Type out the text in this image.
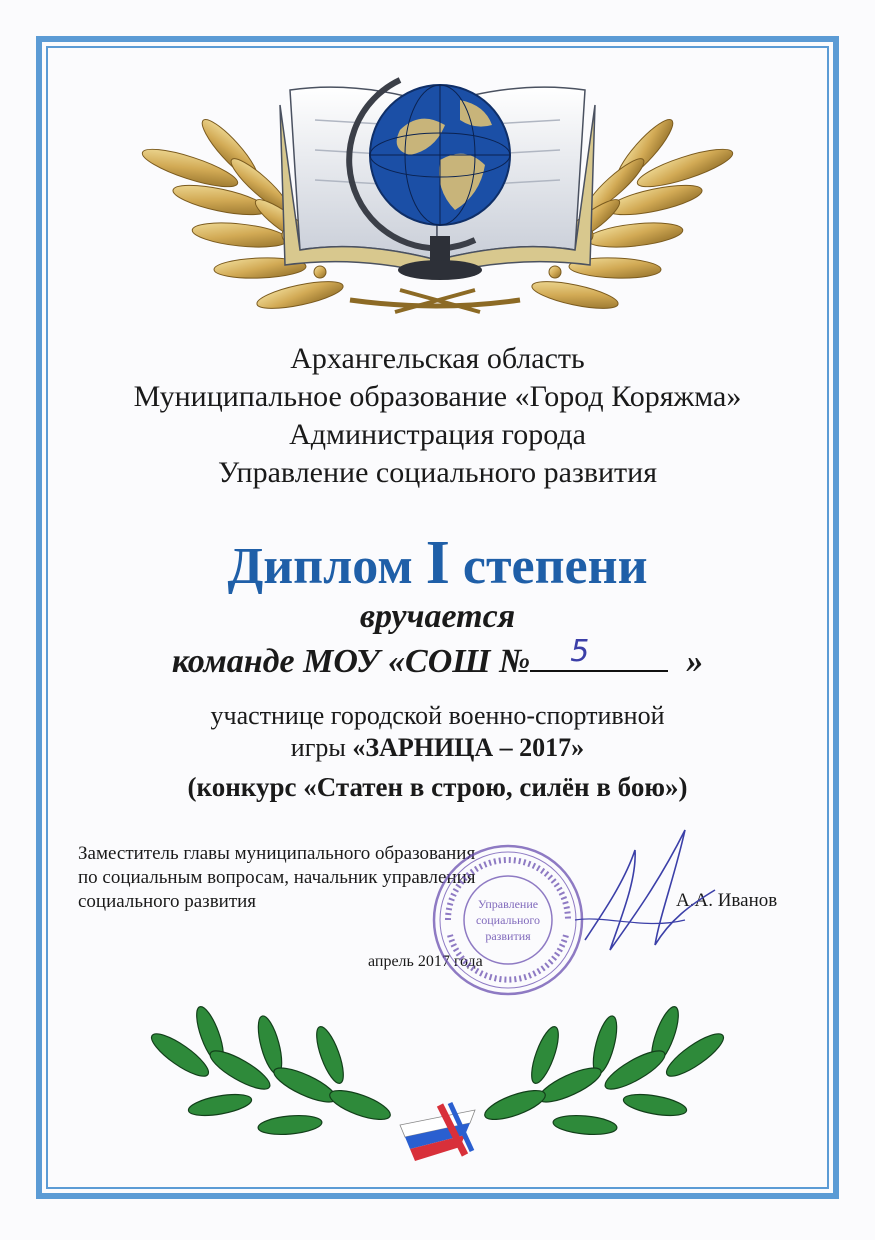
Архангельская область
Муниципальное образование «Город Коряжма»
Администрация города
Управление социального развития
Диплом I степени
вручается
команде МОУ «СОШ № 5	»
участнице городской военно-спортивной
игры «ЗАРНИЦА – 2017»
(конкурс «Статен в строю, силён в бою»)
Заместитель главы муниципального образования
по социальным вопросам, начальник управления
социального развития	А.А. Иванов
апрель 2017 года
Управление
социального
развития
